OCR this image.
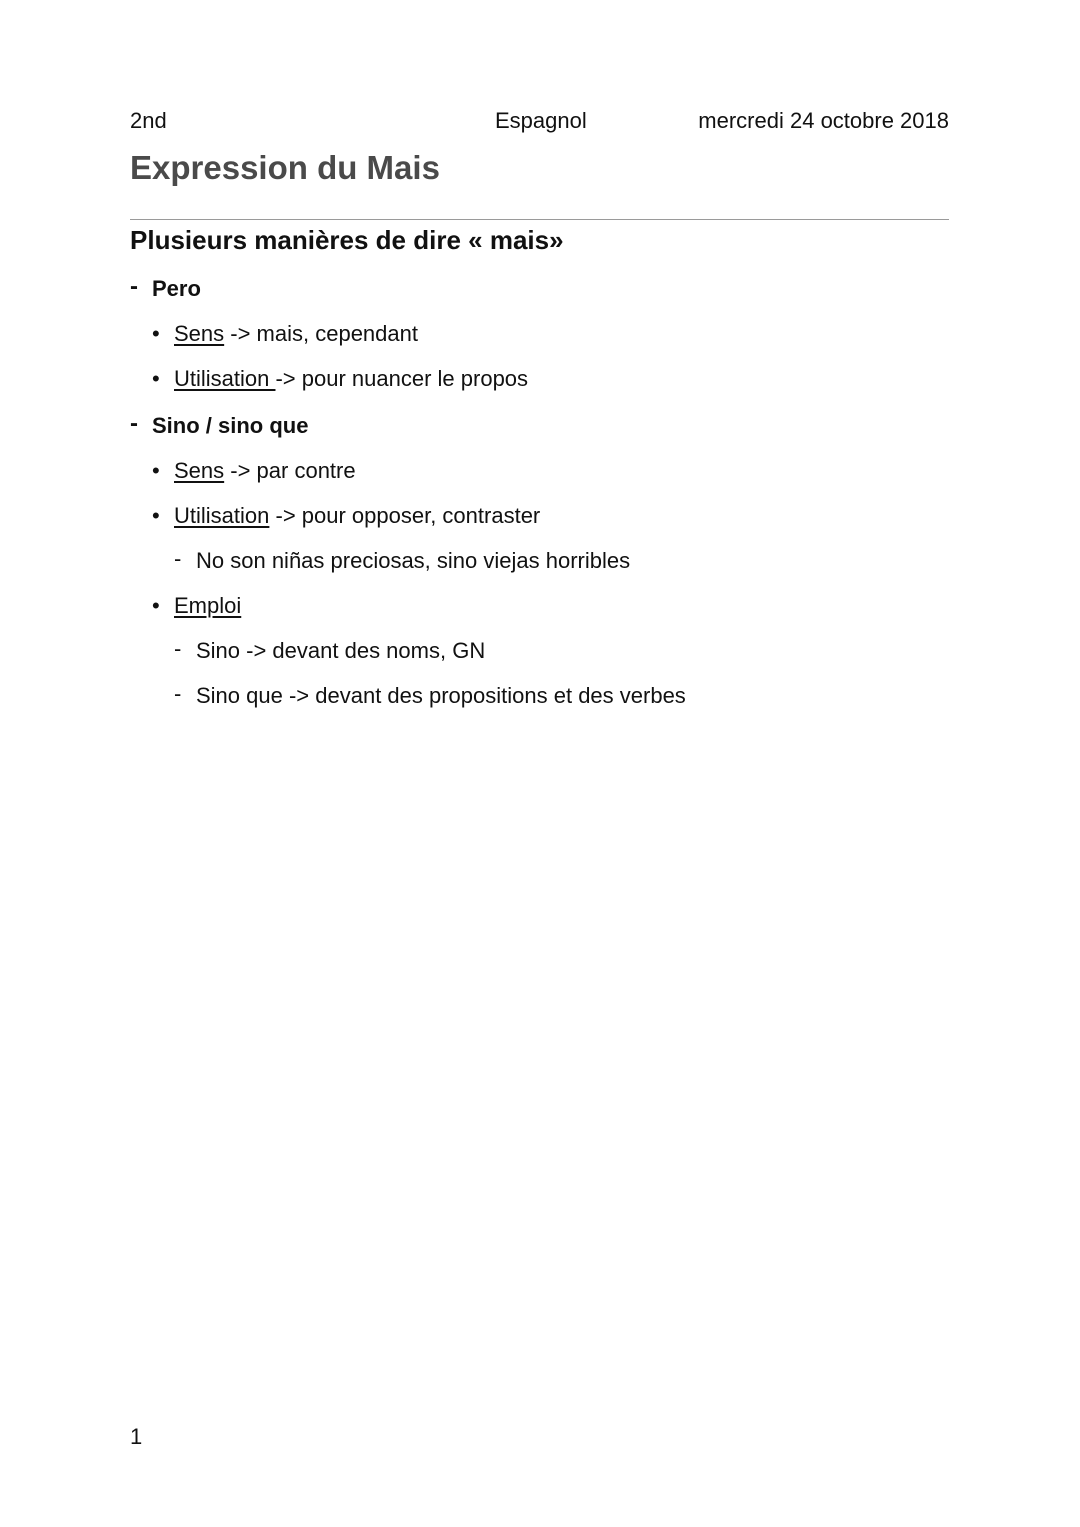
2nd	Espagnol	mercredi 24 octobre 2018
Expression du Mais
Plusieurs manières de dire « mais»
- Pero
• Sens -> mais, cependant
• Utilisation -> pour nuancer le propos
- Sino / sino que
• Sens -> par contre
• Utilisation -> pour opposer, contraster
- No son niñas preciosas, sino viejas horribles
• Emploi
- Sino -> devant des noms, GN
- Sino que -> devant des propositions et des verbes
1
